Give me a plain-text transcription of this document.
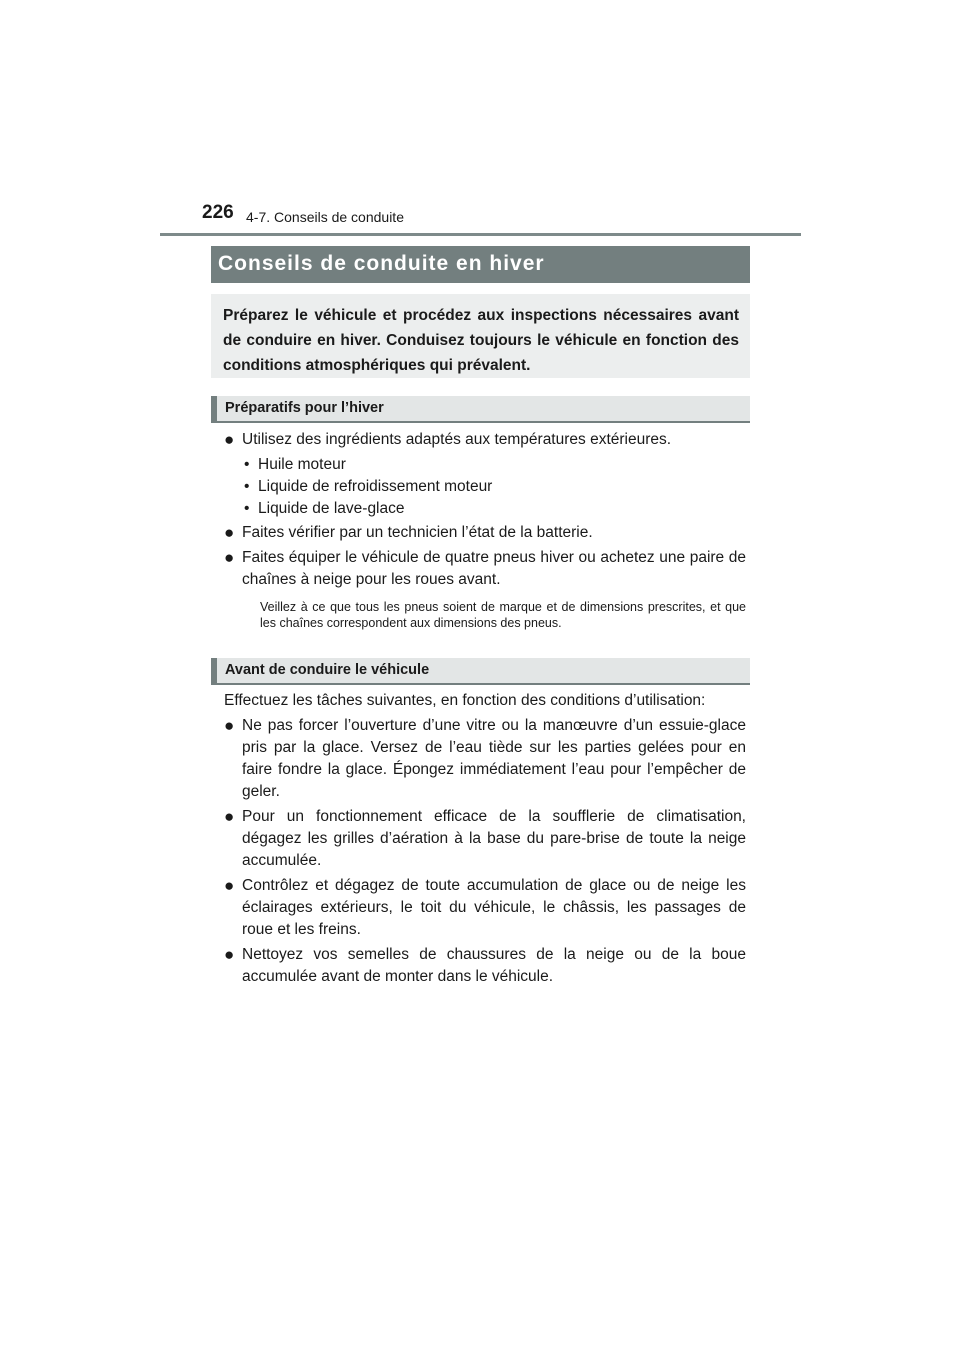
226 4-7. Conseils de conduite
Conseils de conduite en hiver
Préparez le véhicule et procédez aux inspections nécessaires avant de conduire en hiver. Conduisez toujours le véhicule en fonction des conditions atmosphériques qui prévalent.
Préparatifs pour l’hiver
● Utilisez des ingrédients adaptés aux températures extérieures.
• Huile moteur
• Liquide de refroidissement moteur
• Liquide de lave-glace
● Faites vérifier par un technicien l’état de la batterie.
● Faites équiper le véhicule de quatre pneus hiver ou achetez une paire de chaînes à neige pour les roues avant.
Veillez à ce que tous les pneus soient de marque et de dimensions prescrites, et que les chaînes correspondent aux dimensions des pneus.
Avant de conduire le véhicule
Effectuez les tâches suivantes, en fonction des conditions d’utilisation:
● Ne pas forcer l’ouverture d’une vitre ou la manœuvre d’un essuie-glace pris par la glace. Versez de l’eau tiède sur les parties gelées pour en faire fondre la glace. Épongez immédiatement l’eau pour l’empêcher de geler.
● Pour un fonctionnement efficace de la soufflerie de climatisation, dégagez les grilles d’aération à la base du pare-brise de toute la neige accumulée.
● Contrôlez et dégagez de toute accumulation de glace ou de neige les éclairages extérieurs, le toit du véhicule, le châssis, les passages de roue et les freins.
● Nettoyez vos semelles de chaussures de la neige ou de la boue accumulée avant de monter dans le véhicule.
